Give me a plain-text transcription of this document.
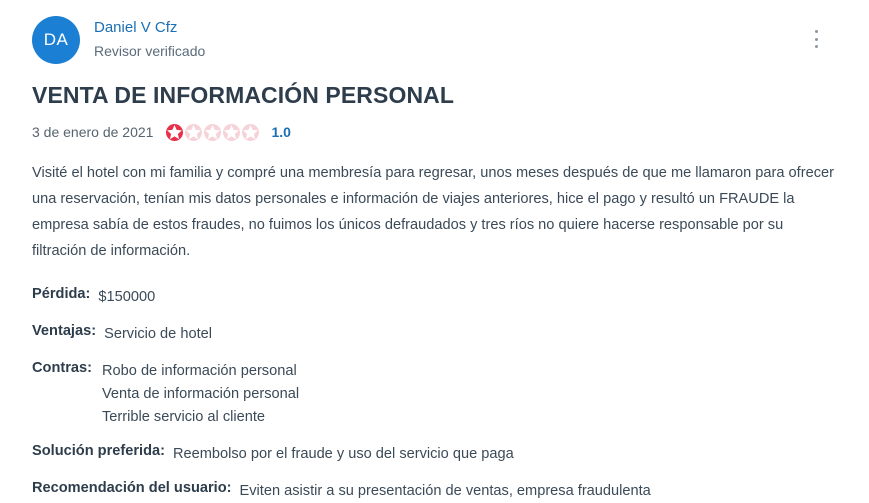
DA
Daniel V Cfz
Revisor verificado
VENTA DE INFORMACIÓN PERSONAL
3 de enero de 2021	1.0
Visité el hotel con mi familia y compré una membresía para regresar, unos meses después de que me llamaron para ofrecer una reservación, tenían mis datos personales e información de viajes anteriores, hice el pago y resultó un FRAUDE la empresa sabía de estos fraudes, no fuimos los únicos defraudados y tres ríos no quiere hacerse responsable por su filtración de información.
Pérdida: $150000
Ventajas: Servicio de hotel
Contras: Robo de información personal
Venta de información personal
Terrible servicio al cliente
Solución preferida: Reembolso por el fraude y uso del servicio que paga
Recomendación del usuario: Eviten asistir a su presentación de ventas, empresa fraudulenta
